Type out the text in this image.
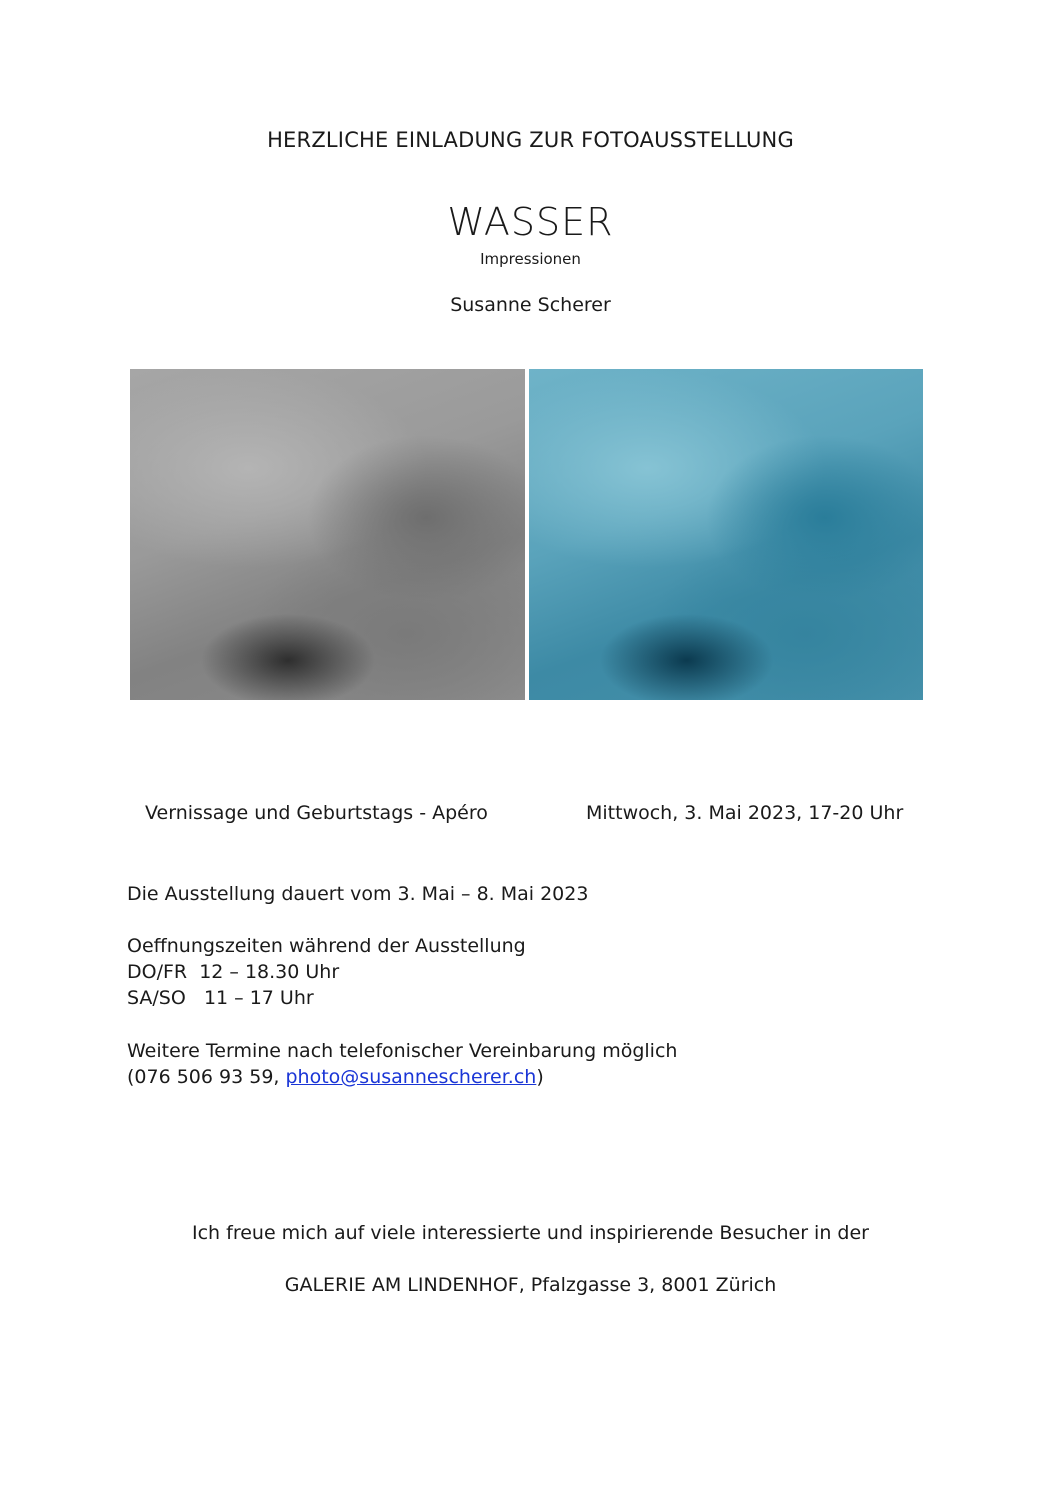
HERZLICHE EINLADUNG ZUR FOTOAUSSTELLUNG
WASSER
Impressionen
Susanne Scherer
Vernissage und Geburtstags - Apéro	Mittwoch, 3. Mai 2023, 17-20 Uhr
Die Ausstellung dauert vom 3. Mai – 8. Mai 2023
Oeffnungszeiten während der Ausstellung
DO/FR  12 – 18.30 Uhr
SA/SO   11 – 17 Uhr
Weitere Termine nach telefonischer Vereinbarung möglich
(076 506 93 59, photo@susannescherer.ch)
Ich freue mich auf viele interessierte und inspirierende Besucher in der
GALERIE AM LINDENHOF, Pfalzgasse 3, 8001 Zürich
